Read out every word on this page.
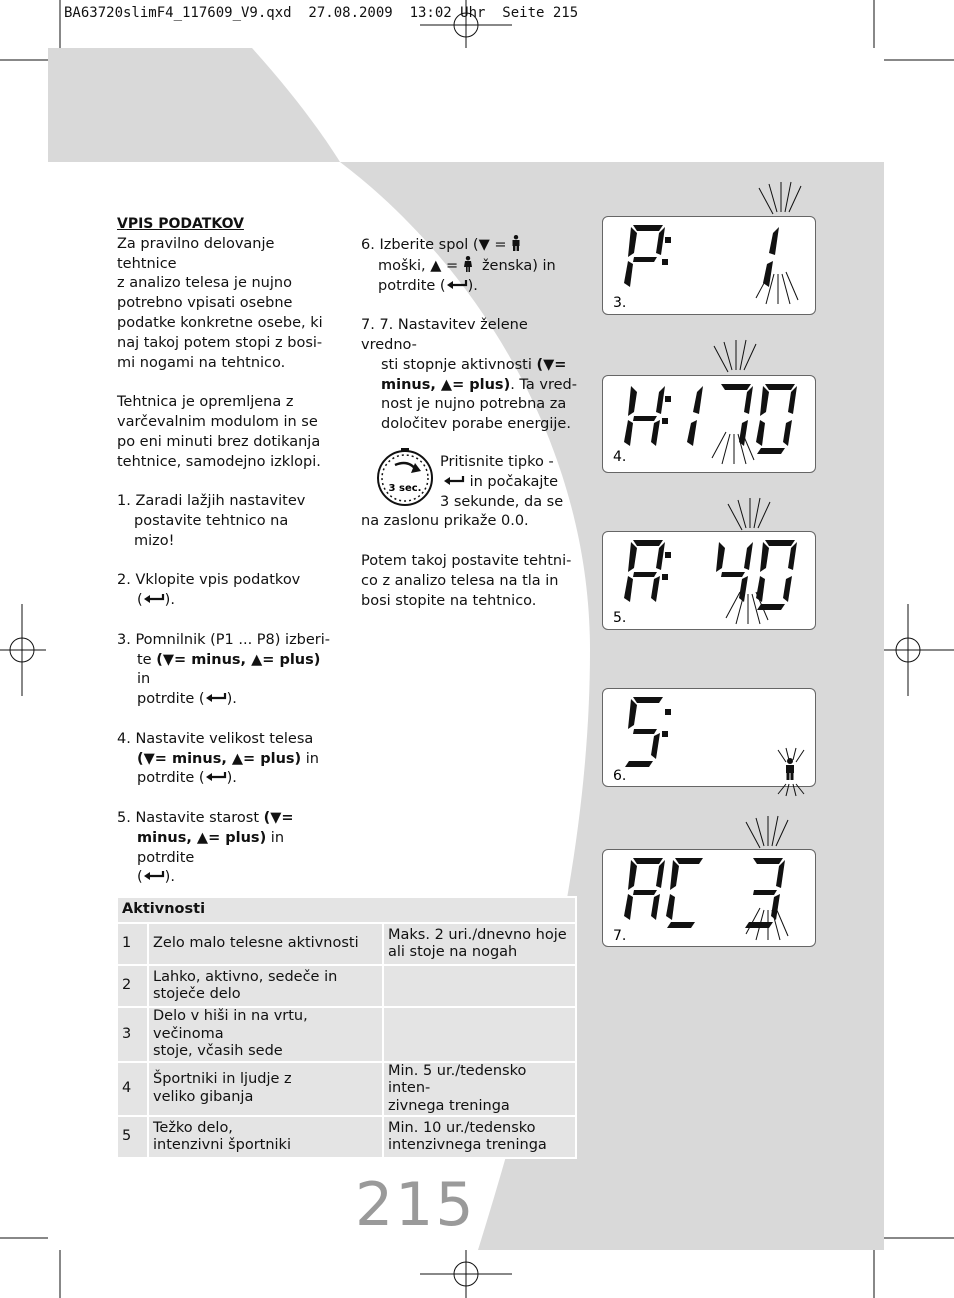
BA63720slimF4_117609_V9.qxd  27.08.2009  13:02 Uhr  Seite 215

VPIS PODATKOV

Za pravilno delovanje tehtnice

z analizo telesa je nujno

potrebno vpisati osebne

podatke konkretne osebe, ki

naj takoj potem stopi z bosi-

mi nogami na tehtnico.

Tehtnica je opremljena z

varčevalnim modulom in se

po eni minuti brez dotikanja

tehtnice, samodejno izklopi.

1. Zaradi lažjih nastavitev

postavite tehtnico na mizo!

2. Vklopite vpis podatkov

( ).

3. Pomnilnik (P1 ... P8) izberi-

te (▼= minus, ▲= plus) in

potrdite ( ).

4. Nastavite velikost telesa

(▼= minus, ▲= plus) in

potrdite ( ).

5. Nastavite starost (▼=

minus, ▲= plus) in potrdite

( ).

6. Izberite spol (▼ =

moški, ▲ = ženska) in

potrdite ( ).

7. 7. Nastavitev želene vredno-

sti stopnje aktivnosti (▼=

minus, ▲= plus). Ta vred-

nost je nujno potrebna za

določitev porabe energije.

3 sec.

Pritisnite tipko -

in počakajte

3 sekunde, da se

na zaslonu prikaže 0.0.

Potem takoj postavite tehtni-

co z analizo telesa na tla in

bosi stopite na tehtnico.

3.
4.
5.
6.
7.
Aktivnosti		
1	Zelo malo telesne aktivnosti	Maks. 2 uri./dnevno hoje
ali stoje na nogah
2	Lahko, aktivno, sedeče in
stoječe delo	
3	Delo v hiši in na vrtu, večinoma
stoje, včasih sede	
4	Športniki in ljudje z
veliko gibanja	Min. 5 ur./tedensko inten-
zivnega treninga
5	Težko delo,
intenzivni športniki	Min. 10 ur./tedensko
intenzivnega treninga
215
